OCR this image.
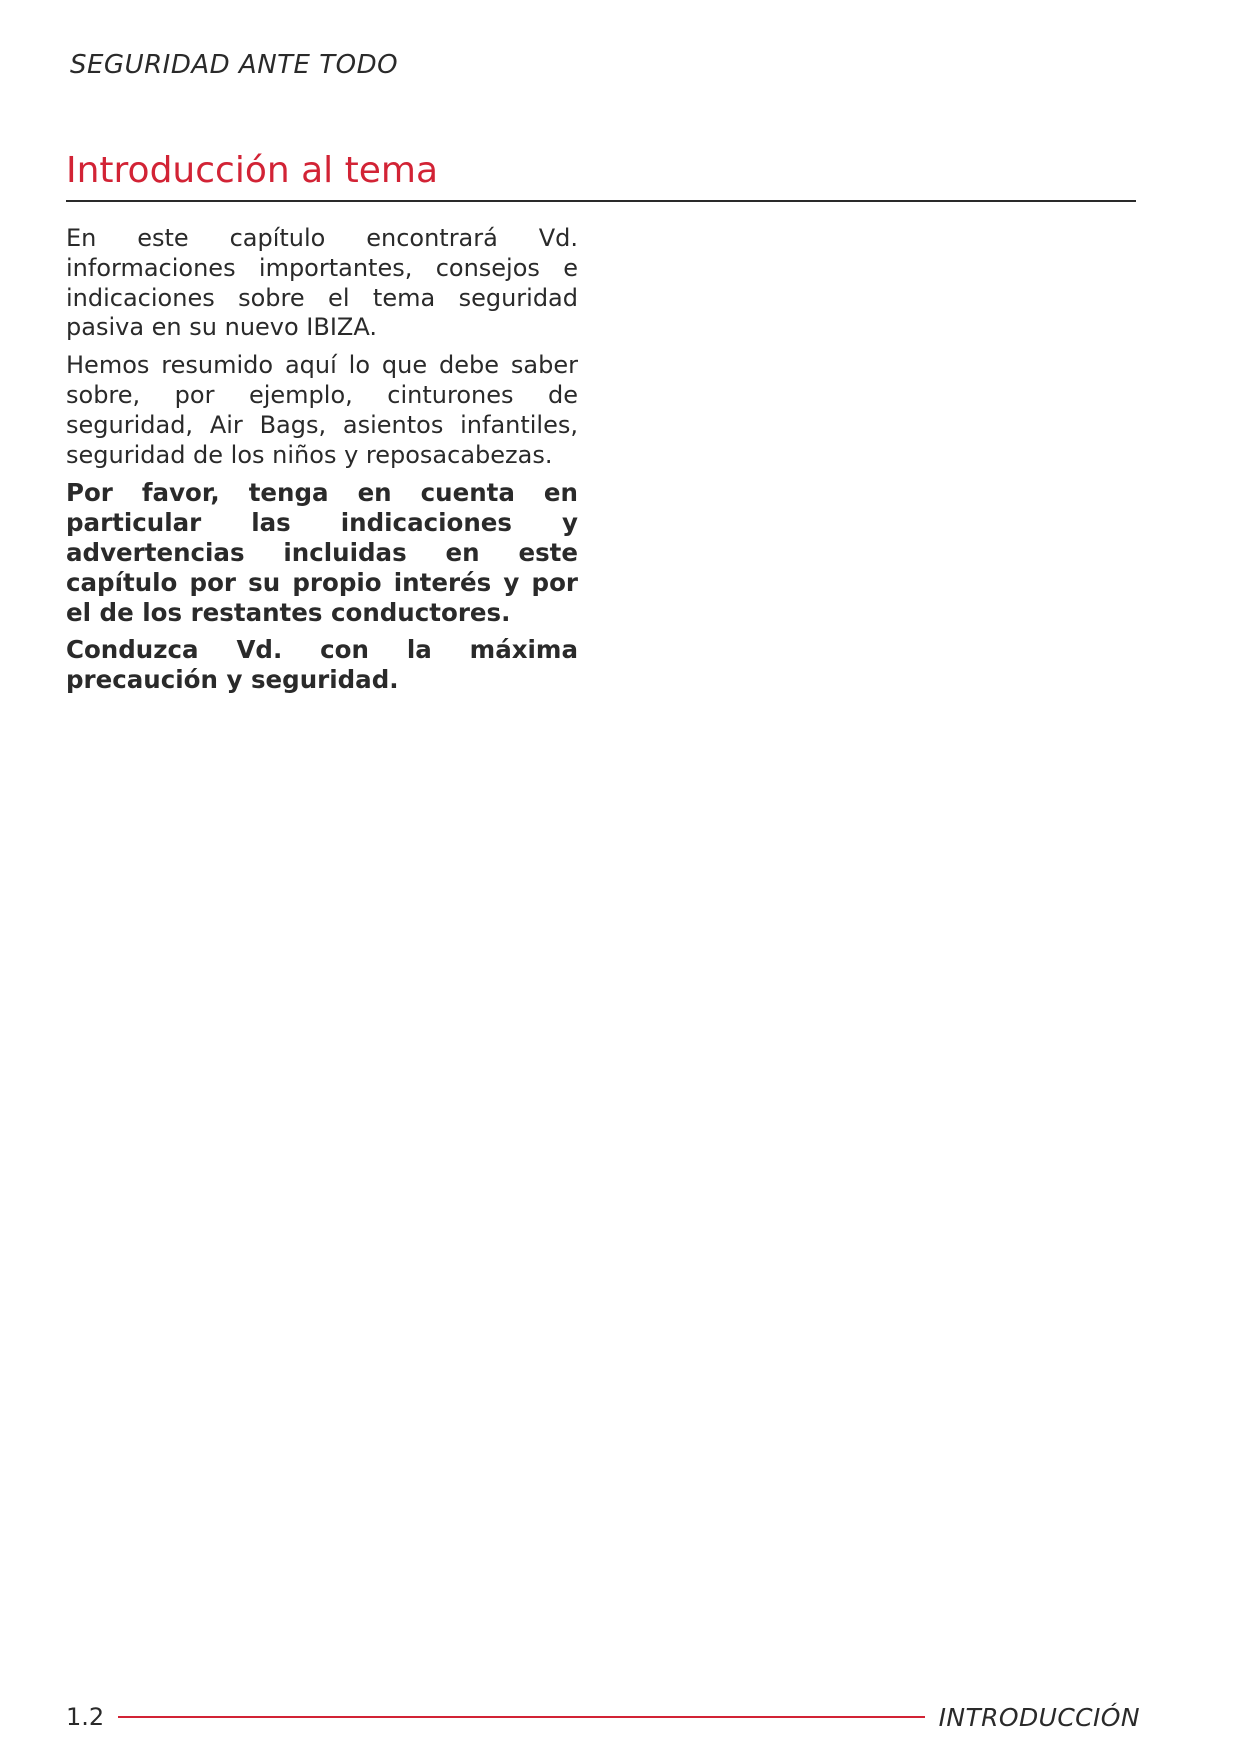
SEGURIDAD ANTE TODO
Introducción al tema

En este capítulo encontrará Vd. informaciones importantes, consejos e indicaciones sobre el tema seguridad pasiva en su nuevo IBIZA.

Hemos resumido aquí lo que debe saber sobre, por ejemplo, cinturones de seguridad, Air Bags, asientos infantiles, seguridad de los niños y reposacabezas.

Por favor, tenga en cuenta en particular las indicaciones y advertencias incluidas en este capítulo por su propio interés y por el de los restantes conductores.

Conduzca Vd. con la máxima precaución y seguridad.

1.2	INTRODUCCIÓN
